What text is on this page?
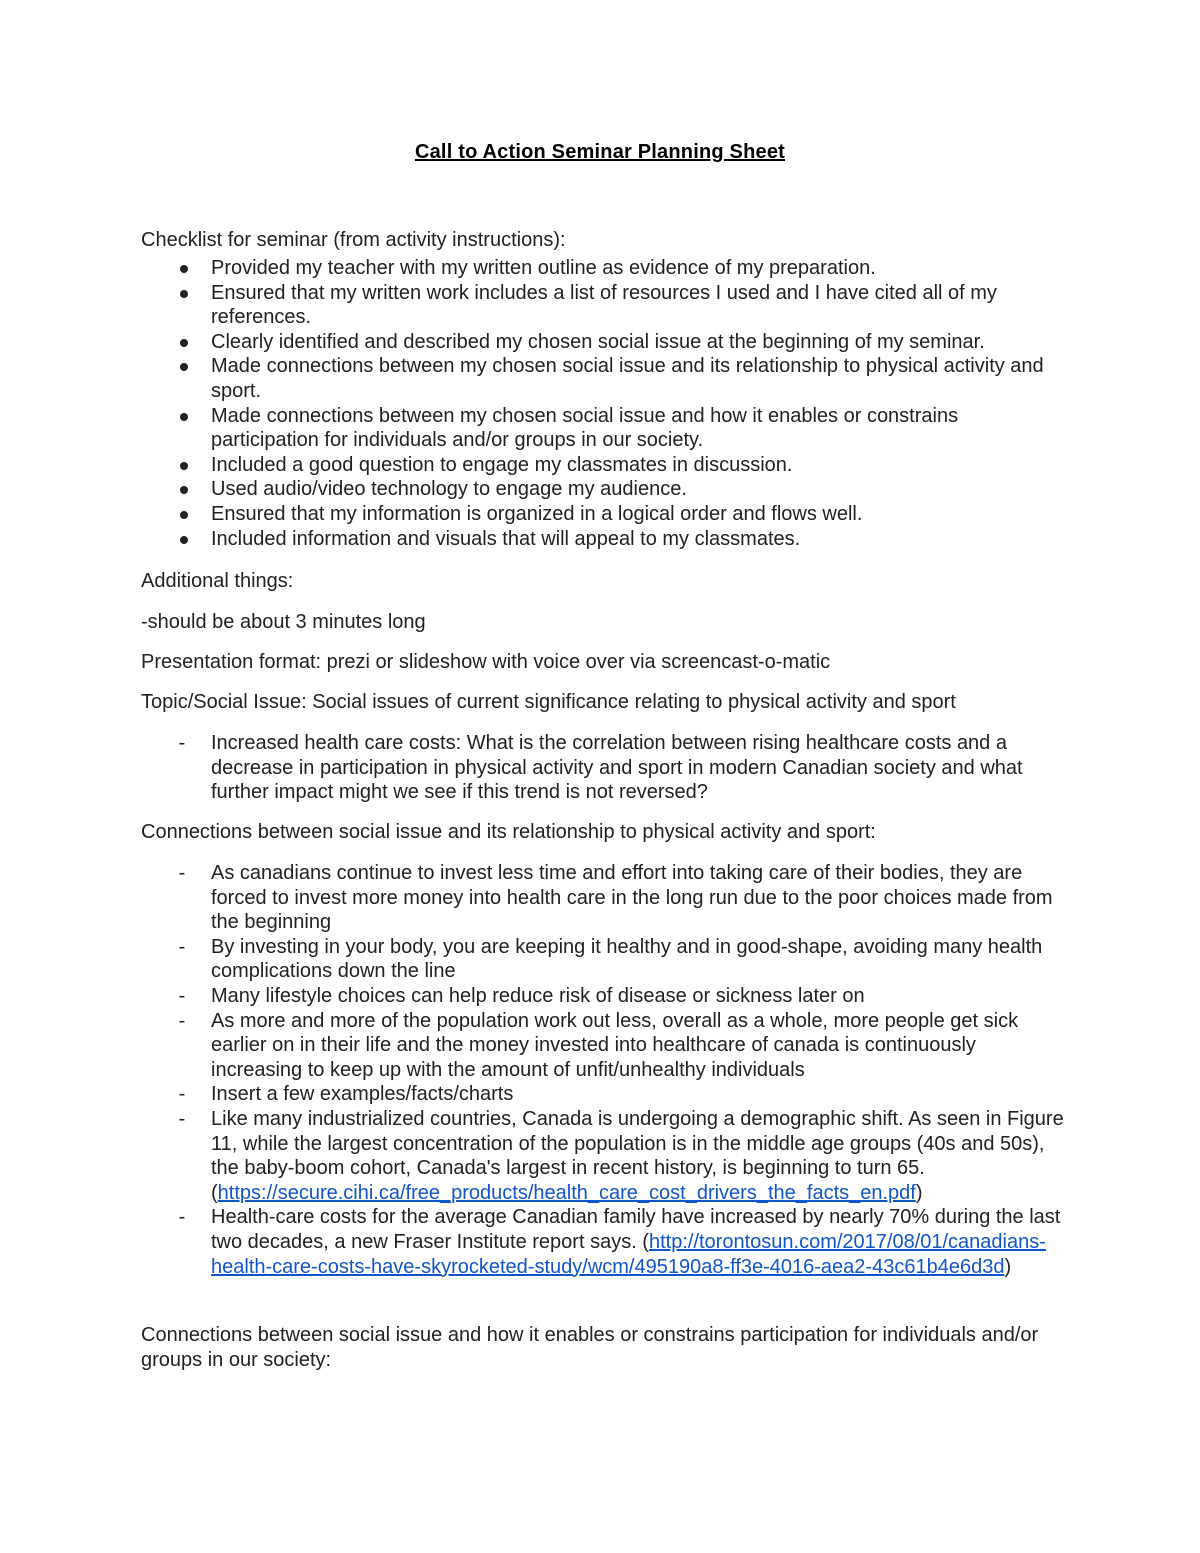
Call to Action Seminar Planning Sheet

Checklist for seminar (from activity instructions):

Provided my teacher with my written outline as evidence of my preparation.
Ensured that my written work includes a list of resources I used and I have cited all of my references.
Clearly identified and described my chosen social issue at the beginning of my seminar.
Made connections between my chosen social issue and its relationship to physical activity and sport.
Made connections between my chosen social issue and how it enables or constrains participation for individuals and/or groups in our society.
Included a good question to engage my classmates in discussion.
Used audio/video technology to engage my audience.
Ensured that my information is organized in a logical order and flows well.
Included information and visuals that will appeal to my classmates.

Additional things:

-should be about 3 minutes long

Presentation format: prezi or slideshow with voice over via screencast-o-matic

Topic/Social Issue: Social issues of current significance relating to physical activity and sport

- Increased health care costs: What is the correlation between rising healthcare costs and a decrease in participation in physical activity and sport in modern Canadian society and what further impact might we see if this trend is not reversed?

Connections between social issue and its relationship to physical activity and sport:

- As canadians continue to invest less time and effort into taking care of their bodies, they are forced to invest more money into health care in the long run due to the poor choices made from the beginning
- By investing in your body, you are keeping it healthy and in good-shape, avoiding many health complications down the line
- Many lifestyle choices can help reduce risk of disease or sickness later on
- As more and more of the population work out less, overall as a whole, more people get sick earlier on in their life and the money invested into healthcare of canada is continuously increasing to keep up with the amount of unfit/unhealthy individuals
- Insert a few examples/facts/charts
- Like many industrialized countries, Canada is undergoing a demographic shift. As seen in Figure 11, while the largest concentration of the population is in the middle age groups (40s and 50s), the baby-boom cohort, Canada's largest in recent history, is beginning to turn 65. (https://secure.cihi.ca/free_products/health_care_cost_drivers_the_facts_en.pdf)
- Health-care costs for the average Canadian family have increased by nearly 70% during the last two decades, a new Fraser Institute report says. (http://torontosun.com/2017/08/01/canadians-health-care-costs-have-skyrocketed-study/wcm/495190a8-ff3e-4016-aea2-43c61b4e6d3d)

Connections between social issue and how it enables or constrains participation for individuals and/or groups in our society:
